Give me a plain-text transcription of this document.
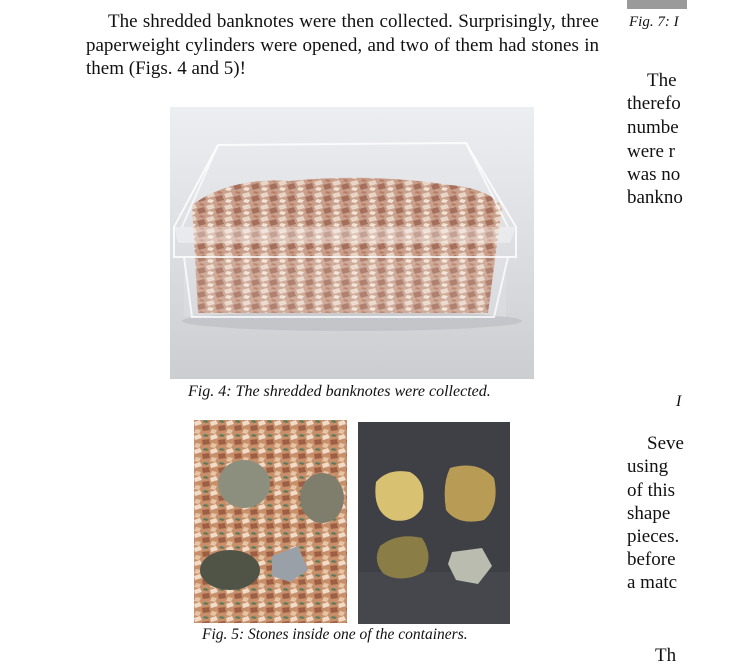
The shredded banknotes were then collected. Surprisingly, three paperweight cylinders were opened, and two of them had stones in them (Figs. 4 and 5)!

Fig. 4: The shredded banknotes were collected.
Fig. 5: Stones inside one of the containers.
Fig. 7: I
The
therefo
numbe
were r
was no
bankno
I
Seve
using
of this
shape
pieces.
before
a matc
Th
